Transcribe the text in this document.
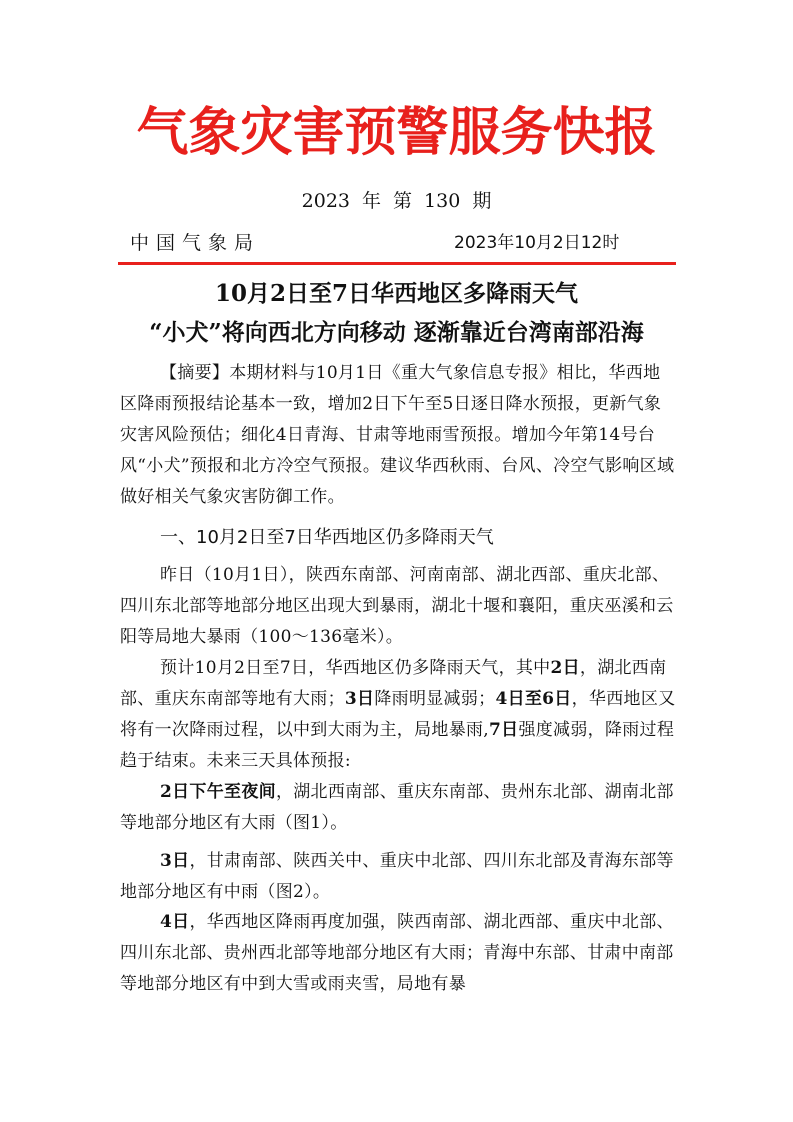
气象灾害预警服务快报
2023 年 第 130 期
中国气象局	2023年10月2日12时
10月2日至7日华西地区多降雨天气
“小犬”将向西北方向移动 逐渐靠近台湾南部沿海
【摘要】本期材料与10月1日《重大气象信息专报》相比，华西地区降雨预报结论基本一致，增加2日下午至5日逐日降水预报，更新气象灾害风险预估；细化4日青海、甘肃等地雨雪预报。增加今年第14号台风“小犬”预报和北方冷空气预报。建议华西秋雨、台风、冷空气影响区域做好相关气象灾害防御工作。
一、10月2日至7日华西地区仍多降雨天气
昨日（10月1日），陕西东南部、河南南部、湖北西部、重庆北部、四川东北部等地部分地区出现大到暴雨，湖北十堰和襄阳，重庆巫溪和云阳等局地大暴雨（100～136毫米）。
预计10月2日至7日，华西地区仍多降雨天气，其中2日，湖北西南部、重庆东南部等地有大雨；3日降雨明显减弱；4日至6日，华西地区又将有一次降雨过程，以中到大雨为主，局地暴雨,7日强度减弱，降雨过程趋于结束。未来三天具体预报:
2日下午至夜间，湖北西南部、重庆东南部、贵州东北部、湖南北部等地部分地区有大雨（图1）。
3日，甘肃南部、陕西关中、重庆中北部、四川东北部及青海东部等地部分地区有中雨（图2）。
4日，华西地区降雨再度加强，陕西南部、湖北西部、重庆中北部、四川东北部、贵州西北部等地部分地区有大雨；青海中东部、甘肃中南部等地部分地区有中到大雪或雨夹雪，局地有暴
